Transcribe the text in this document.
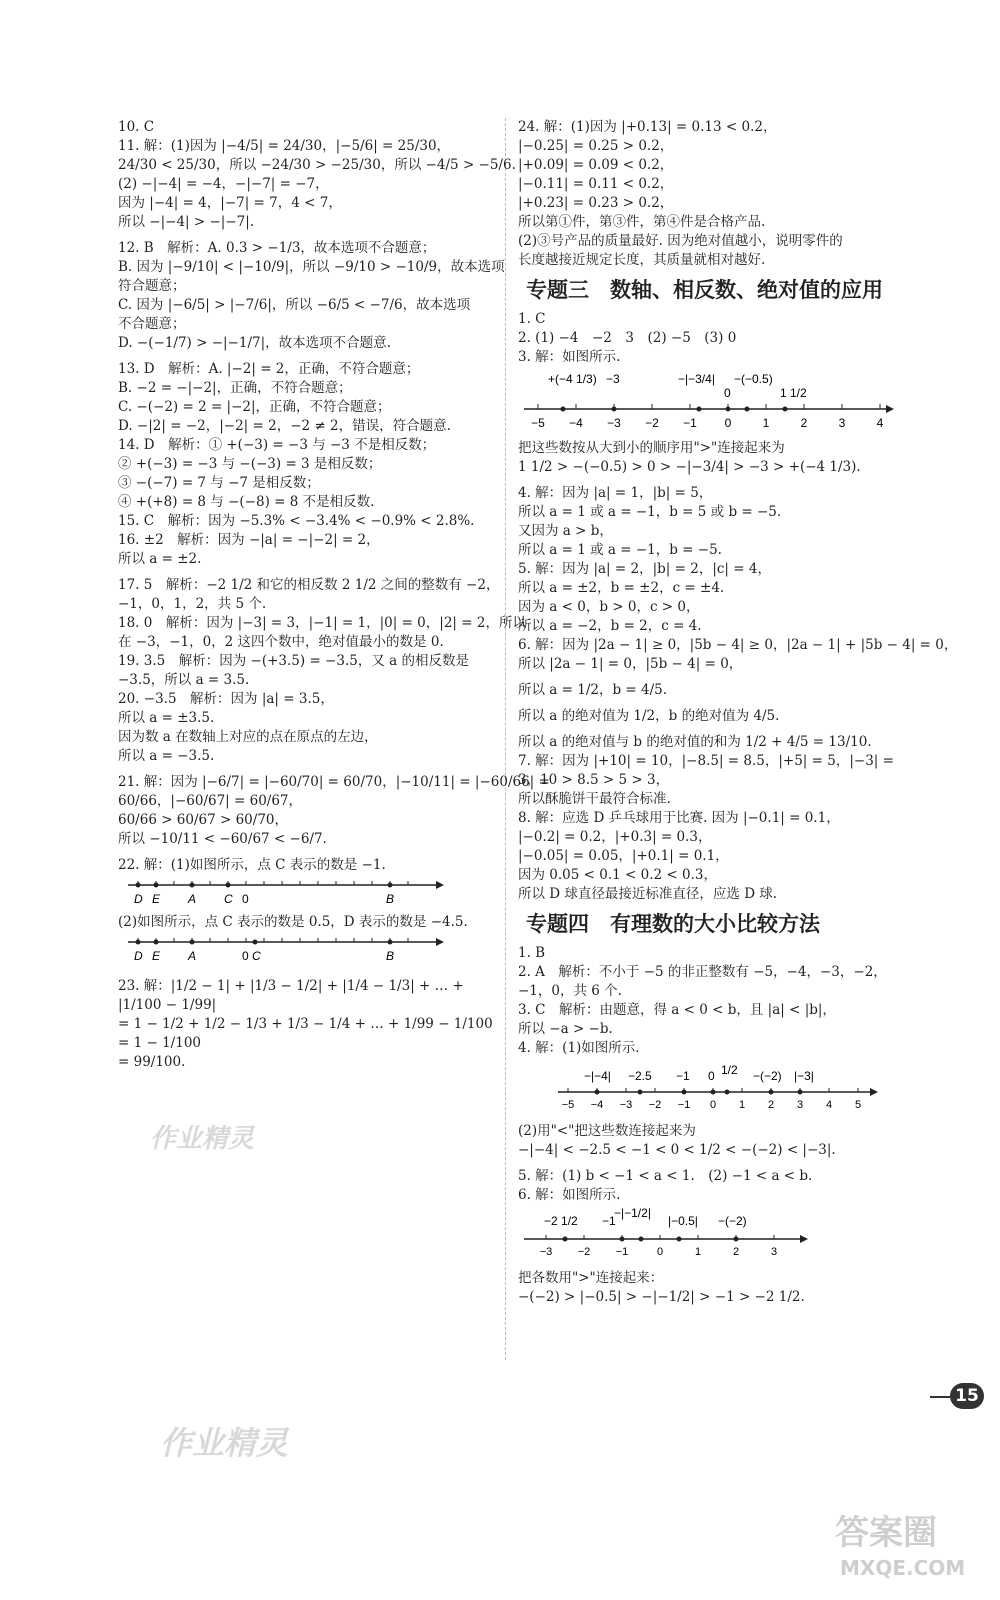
10. C
11. 解：(1)因为 |−4/5| = 24/30，|−5/6| = 25/30，
24/30 < 25/30，所以 −24/30 > −25/30，所以 −4/5 > −5/6.
(2) −|−4| = −4，−|−7| = −7，
因为 |−4| = 4，|−7| = 7，4 < 7，
所以 −|−4| > −|−7|.
12. B　解析：A. 0.3 > −1/3，故本选项不合题意；
B. 因为 |−9/10| < |−10/9|，所以 −9/10 > −10/9，故本选项
符合题意；
C. 因为 |−6/5| > |−7/6|，所以 −6/5 < −7/6，故本选项
不合题意；
D. −(−1/7) > −|−1/7|，故本选项不合题意.
13. D　解析：A. |−2| = 2，正确，不符合题意；
B. −2 = −|−2|，正确，不符合题意；
C. −(−2) = 2 = |−2|，正确，不符合题意；
D. −|2| = −2，|−2| = 2，−2 ≠ 2，错误，符合题意.
14. D　解析：① +(−3) = −3 与 −3 不是相反数；
② +(−3) = −3 与 −(−3) = 3 是相反数；
③ −(−7) = 7 与 −7 是相反数；
④ +(+8) = 8 与 −(−8) = 8 不是相反数.
15. C　解析：因为 −5.3% < −3.4% < −0.9% < 2.8%.
16. ±2　解析：因为 −|a| = −|−2| = 2，
所以 a = ±2.
17. 5　解析：−2 1/2 和它的相反数 2 1/2 之间的整数有 −2，
−1，0，1，2，共 5 个.
18. 0　解析：因为 |−3| = 3，|−1| = 1，|0| = 0，|2| = 2，所以
在 −3，−1，0，2 这四个数中，绝对值最小的数是 0.
19. 3.5　解析：因为 −(+3.5) = −3.5，又 a 的相反数是
−3.5，所以 a = 3.5.
20. −3.5　解析：因为 |a| = 3.5，
所以 a = ±3.5.
因为数 a 在数轴上对应的点在原点的左边，
所以 a = −3.5.
21. 解：因为 |−6/7| = |−60/70| = 60/70，|−10/11| = |−60/66| =
60/66，|−60/67| = 60/67，
60/66 > 60/67 > 60/70，
所以 −10/11 < −60/67 < −6/7.
22. 解：(1)如图所示，点 C 表示的数是 −1.
D E A C 0	B
(2)如图所示，点 C 表示的数是 0.5，D 表示的数是 −4.5.
D E A	0 C	B
23. 解：|1/2 − 1| + |1/3 − 1/2| + |1/4 − 1/3| + … +
|1/100 − 1/99|
= 1 − 1/2 + 1/2 − 1/3 + 1/3 − 1/4 + … + 1/99 − 1/100
= 1 − 1/100
= 99/100.
24. 解：(1)因为 |+0.13| = 0.13 < 0.2，
|−0.25| = 0.25 > 0.2，
|+0.09| = 0.09 < 0.2，
|−0.11| = 0.11 < 0.2，
|+0.23| = 0.23 > 0.2，
所以第①件，第③件，第④件是合格产品.
(2)③号产品的质量最好. 因为绝对值越小，说明零件的
长度越接近规定长度，其质量就相对越好.
专题三　数轴、相反数、绝对值的应用
1. C
2. (1) −4　−2　3　(2) −5　(3) 0
3. 解：如图所示.
−5 −4 −3 −2 −1 0	1	2	3	4
+(−4 1/3) −3	−|−3/4|
0
−(−0.5)
1 1/2
把这些数按从大到小的顺序用">"连接起来为
1 1/2 > −(−0.5) > 0 > −|−3/4| > −3 > +(−4 1/3).
4. 解：因为 |a| = 1，|b| = 5，
所以 a = 1 或 a = −1，b = 5 或 b = −5.
又因为 a > b，
所以 a = 1 或 a = −1，b = −5.
5. 解：因为 |a| = 2，|b| = 2，|c| = 4，
所以 a = ±2，b = ±2，c = ±4.
因为 a < 0，b > 0，c > 0，
所以 a = −2，b = 2，c = 4.
6. 解：因为 |2a − 1| ≥ 0，|5b − 4| ≥ 0，|2a − 1| + |5b − 4| = 0，
所以 |2a − 1| = 0，|5b − 4| = 0，
所以 a = 1/2，b = 4/5.
所以 a 的绝对值为 1/2，b 的绝对值为 4/5.
所以 a 的绝对值与 b 的绝对值的和为 1/2 + 4/5 = 13/10.
7. 解：因为 |+10| = 10，|−8.5| = 8.5，|+5| = 5，|−3| =
3，10 > 8.5 > 5 > 3，
所以酥脆饼干最符合标准.
8. 解：应选 D 乒乓球用于比赛. 因为 |−0.1| = 0.1，
|−0.2| = 0.2，|+0.3| = 0.3，
|−0.05| = 0.05，|+0.1| = 0.1，
因为 0.05 < 0.1 < 0.2 < 0.3，
所以 D 球直径最接近标准直径，应选 D 球.
专题四　有理数的大小比较方法
1. B
2. A　解析：不小于 −5 的非正整数有 −5，−4，−3，−2，
−1，0，共 6 个.
3. C　解析：由题意，得 a < 0 < b，且 |a| < |b|，
所以 −a > −b.
4. 解：(1)如图所示.
−5 −4 −3 −2 −1 0 1 2 3 4 5
−|−4| −2.5 −1 0 1/2 −(−2) |−3|
(2)用"<"把这些数连接起来为
−|−4| < −2.5 < −1 < 0 < 1/2 < −(−2) < |−3|.
5. 解：(1) b < −1 < a < 1.　(2) −1 < a < b.
6. 解：如图所示.
−3 −2 −1	0	1	2	3
−2 1/2 −1
−|−1/2|
|−0.5| −(−2)
把各数用">"连接起来：
−(−2) > |−0.5| > −|−1/2| > −1 > −2 1/2.
15
作业精灵
作业精灵
答案圈
MXQE.COM
